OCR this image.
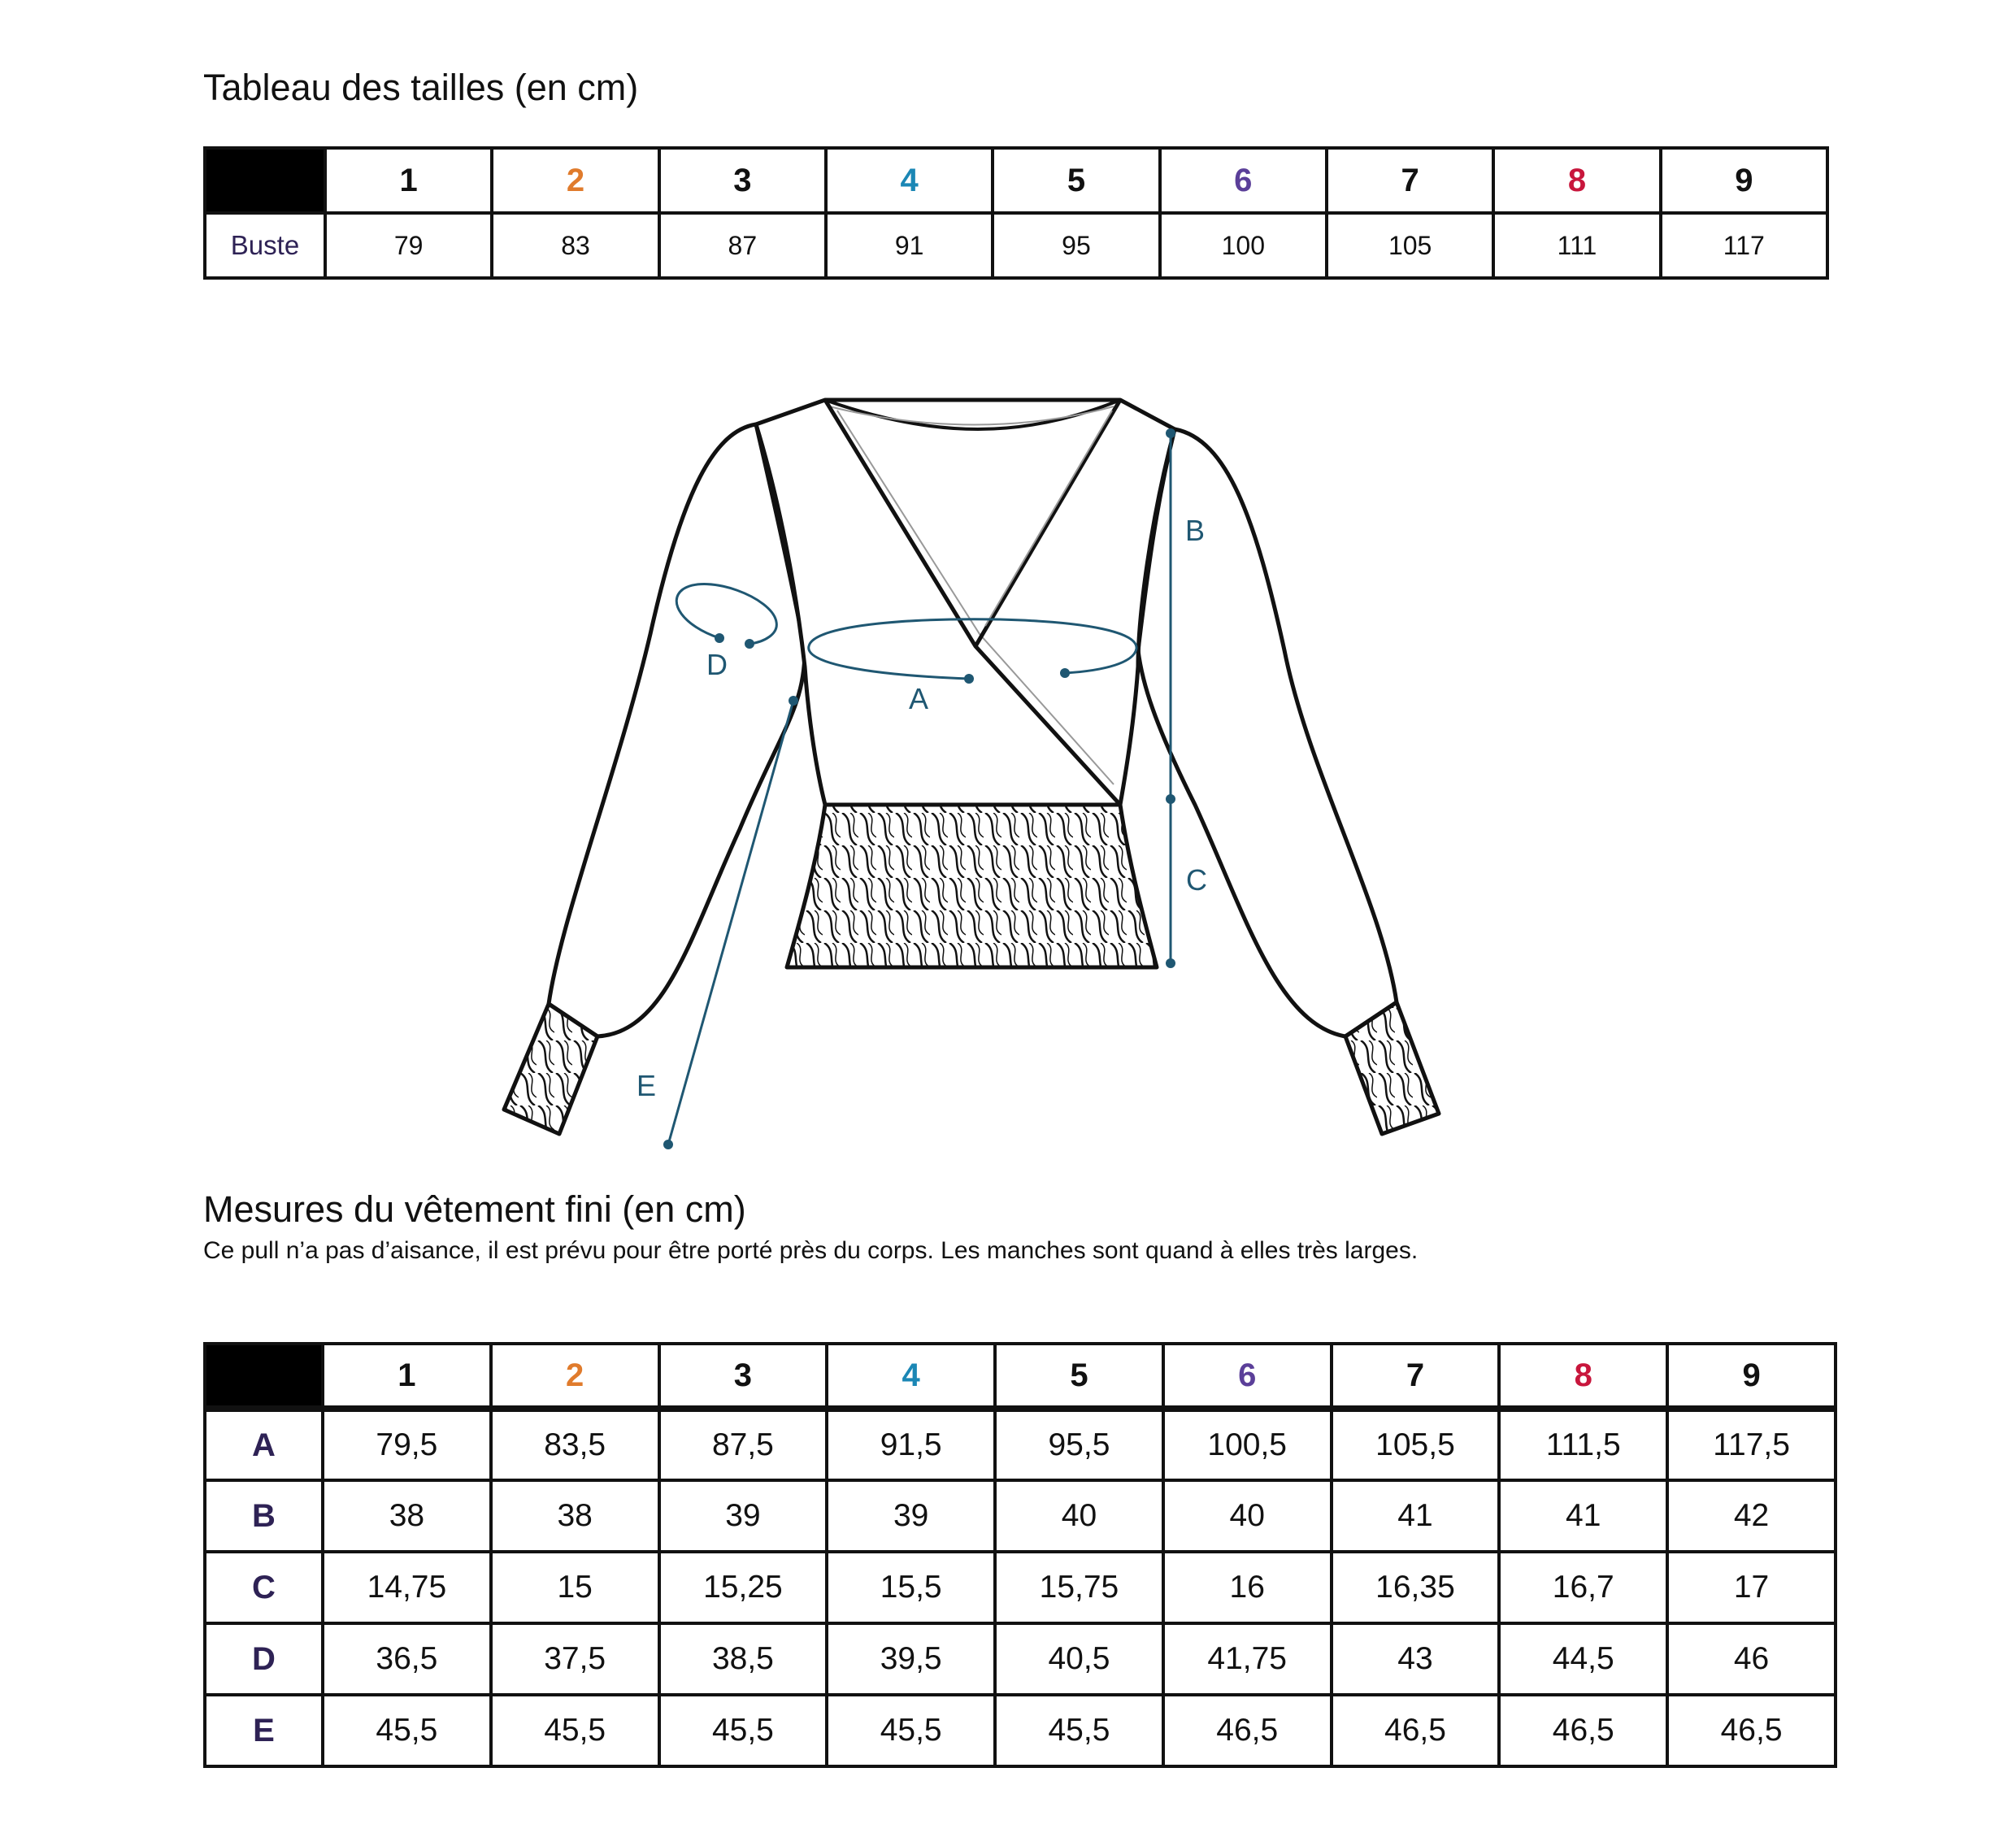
Tableau des tailles (en cm)
	1	2	3	4	5	6	7	8	9
Buste	79	83	87	91	95	100	105	111	117
A
B
C
D
E
Mesures du vêtement fini (en cm)

Ce pull n’a pas d’aisance, il est prévu pour être porté près du corps. Les manches sont quand à elles très larges.

	1	2	3	4	5	6	7	8	9
A	79,5	83,5	87,5	91,5	95,5	100,5	105,5	111,5	117,5
B	38	38	39	39	40	40	41	41	42
C	14,75	15	15,25	15,5	15,75	16	16,35	16,7	17
D	36,5	37,5	38,5	39,5	40,5	41,75	43	44,5	46
E	45,5	45,5	45,5	45,5	45,5	46,5	46,5	46,5	46,5
